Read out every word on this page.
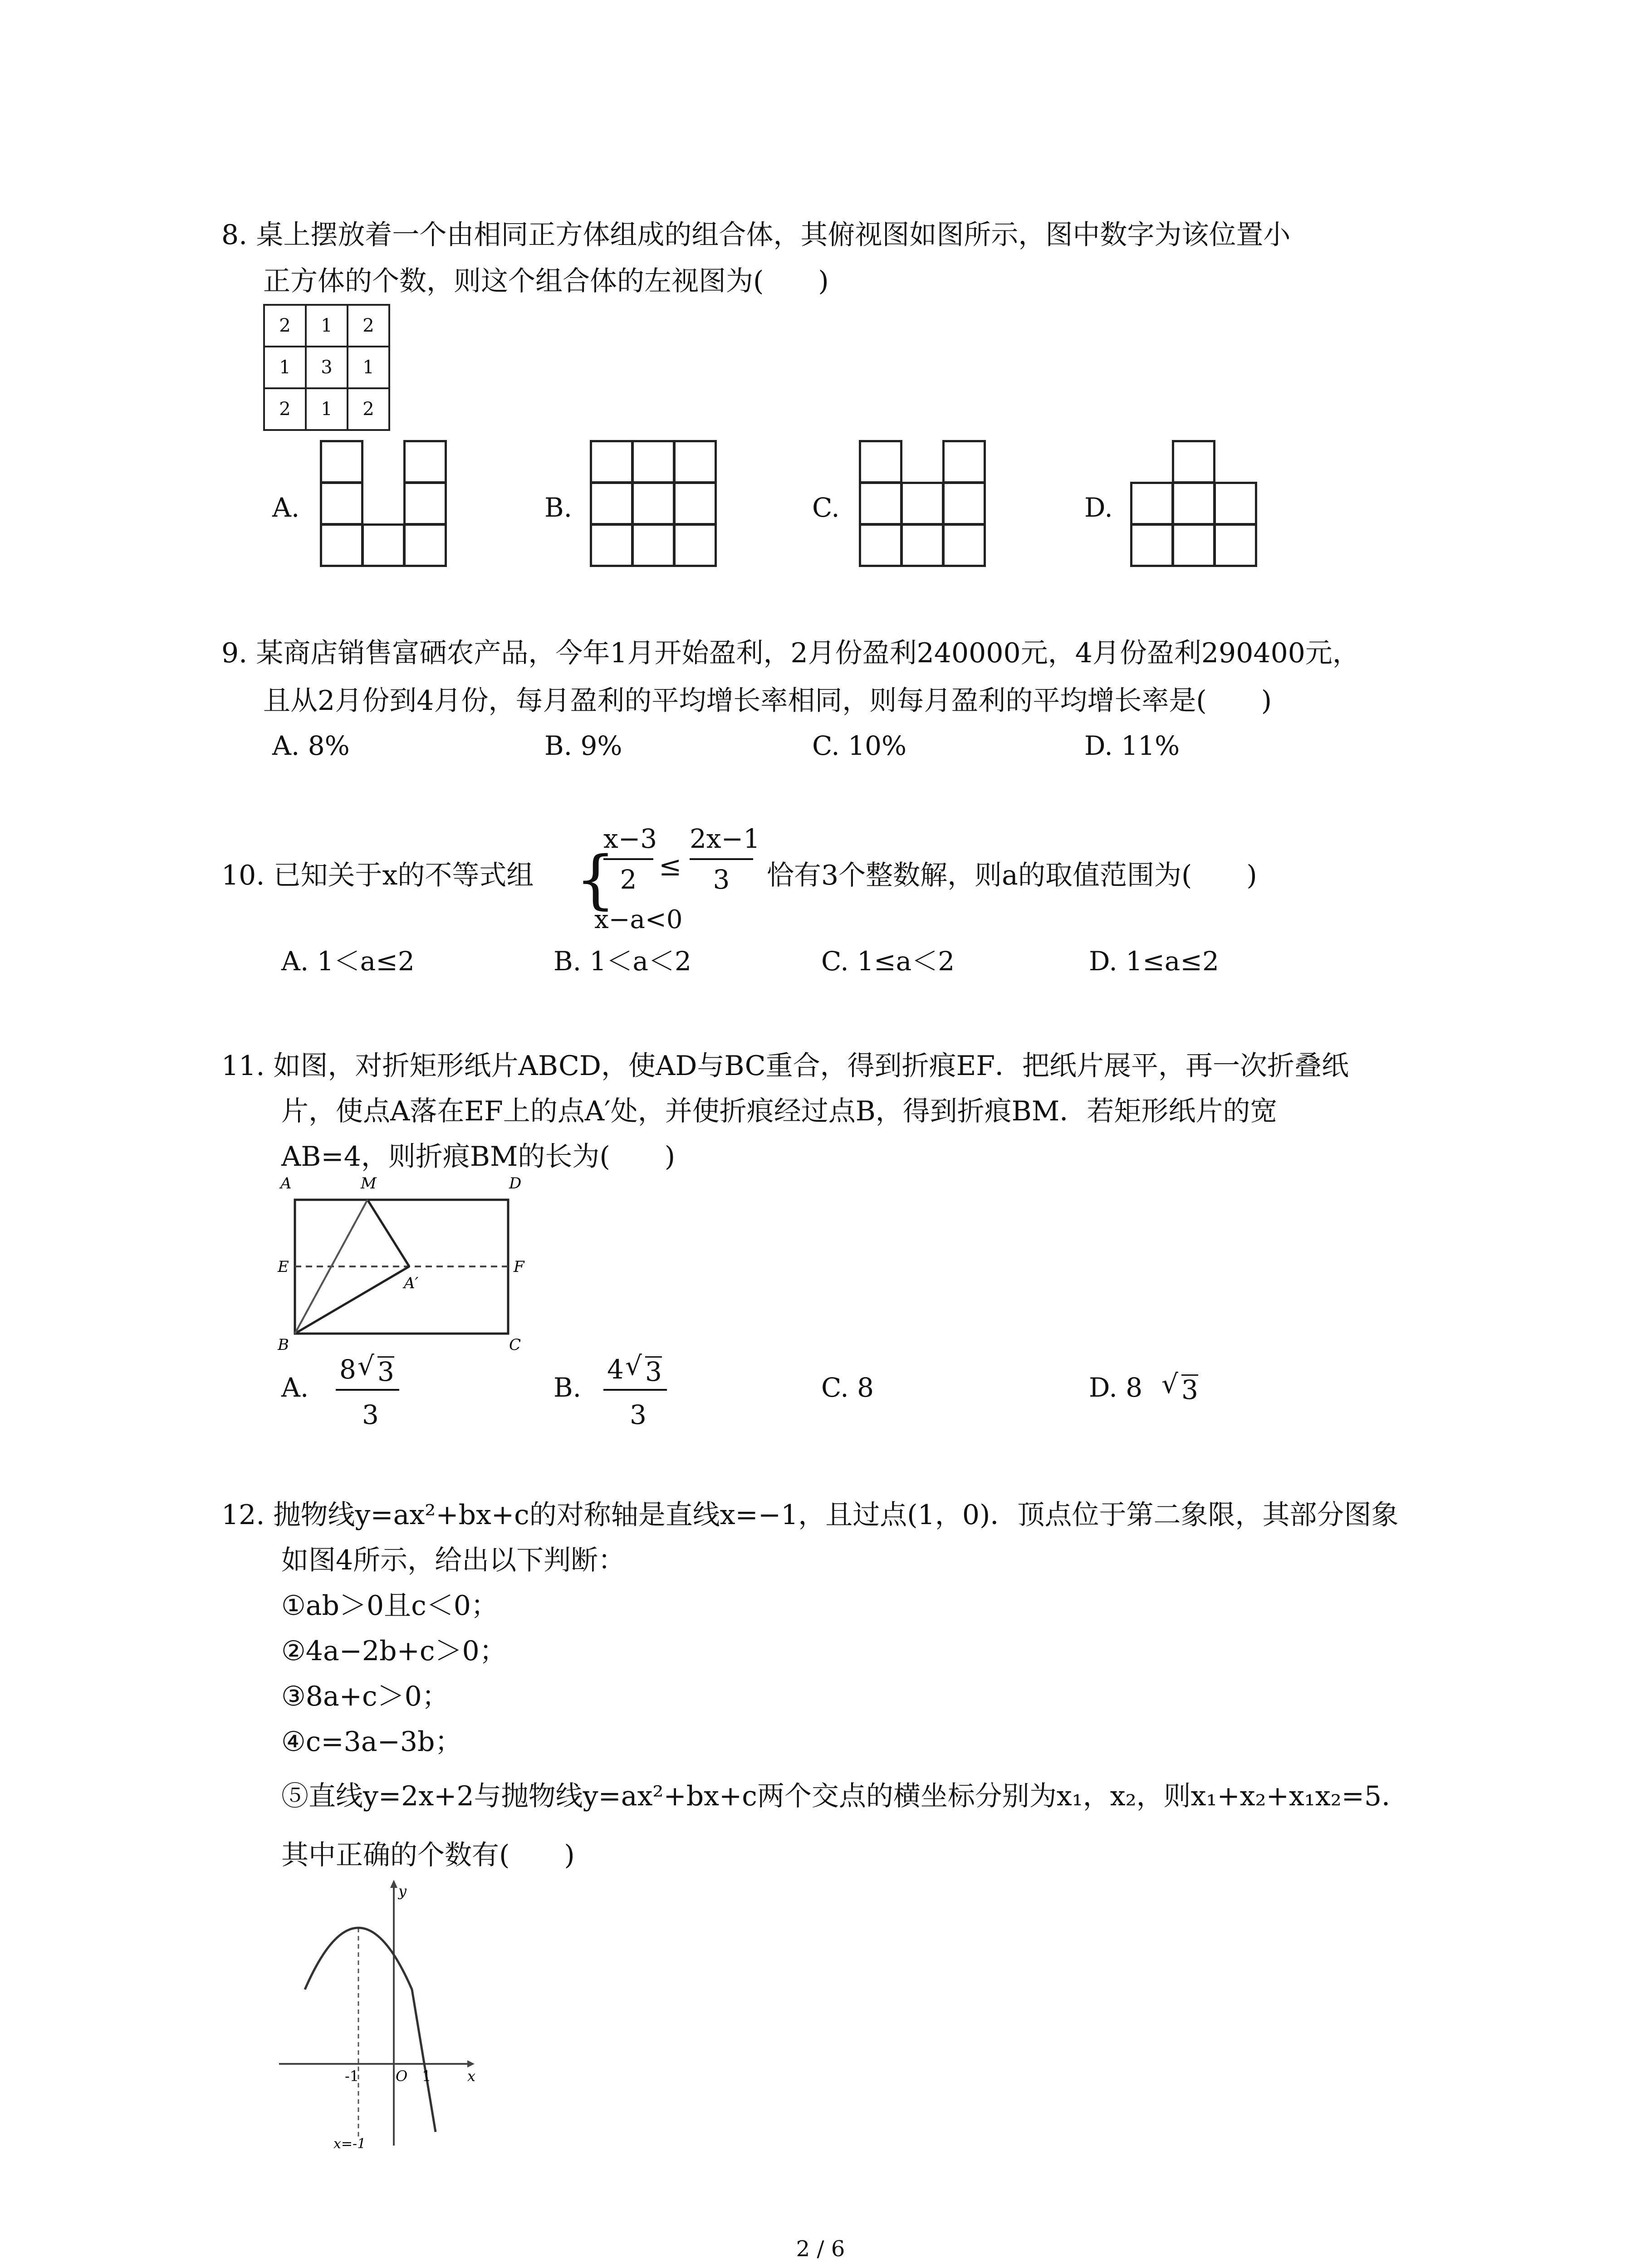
8. 桌上摆放着一个由相同正方体组成的组合体，其俯视图如图所示，图中数字为该位置小
正方体的个数，则这个组合体的左视图为(　　)
2	1	2
1	3	1
2	1	2
A.	B.	C.	D.
9. 某商店销售富硒农产品，今年1月开始盈利，2月份盈利240000元，4月份盈利290400元，
且从2月份到4月份，每月盈利的平均增长率相同，则每月盈利的平均增长率是(　　)
A. 8%	B. 9%	C. 10%	D. 11%
10. 已知关于x的不等式组 {
x−3
2 ≤
2x−1
3	恰有3个整数解，则a的取值范围为(　　)
x−a<0
A. 1＜a≤2	B. 1＜a＜2	C. 1≤a＜2	D. 1≤a≤2
11. 如图，对折矩形纸片ABCD，使AD与BC重合，得到折痕EF．把纸片展平，再一次折叠纸
片，使点A落在EF上的点A′处，并使折痕经过点B，得到折痕BM．若矩形纸片的宽
AB=4，则折痕BM的长为(　　)
A	M	D
E	F
A′
B	C
A.
8 √ 3
3
B.
4 √ 3
3
C. 8	D. 8 √ 3
12. 抛物线y=ax²+bx+c的对称轴是直线x=−1，且过点(1，0)．顶点位于第二象限，其部分图象
如图4所示，给出以下判断：
①ab＞0且c＜0；
②4a−2b+c＞0；
③8a+c＞0；
④c=3a−3b；
⑤直线y=2x+2与抛物线y=ax²+bx+c两个交点的横坐标分别为x₁，x₂，则x₁+x₂+x₁x₂=5．
其中正确的个数有(　　)
y
x
O
-1	1
x=-1
2 / 6
